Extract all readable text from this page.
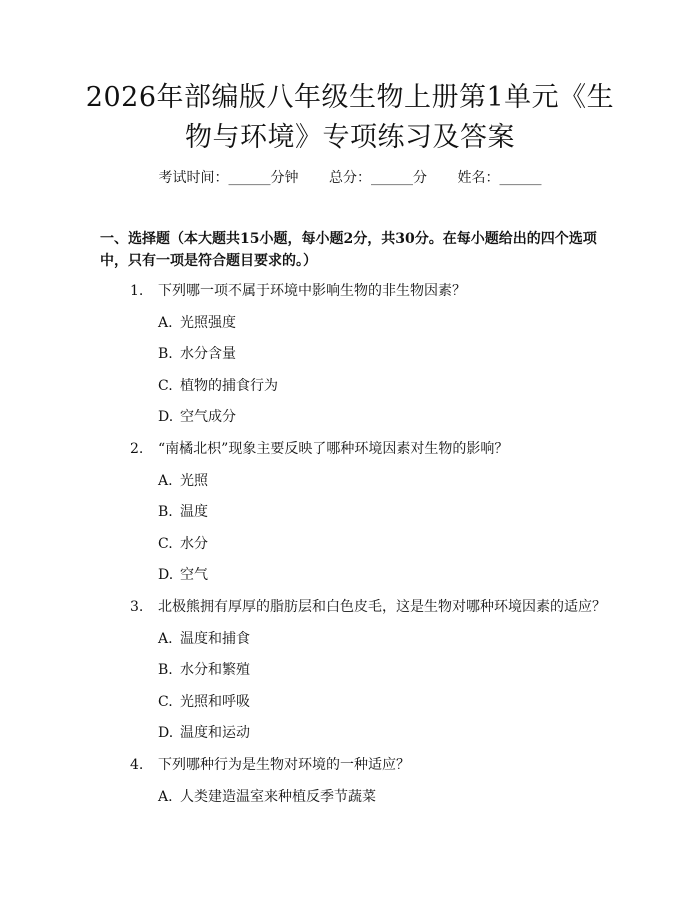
2026年部编版八年级生物上册第1单元《生
物与环境》专项练习及答案
考试时间：______分钟 总分：______分 姓名：______
一、选择题（本大题共15小题，每小题2分，共30分。在每小题给出的四个选项中，只有一项是符合题目要求的。）
1. 下列哪一项不属于环境中影响生物的非生物因素？
A. 光照强度
B. 水分含量
C. 植物的捕食行为
D. 空气成分
2. “南橘北枳”现象主要反映了哪种环境因素对生物的影响？
A. 光照
B. 温度
C. 水分
D. 空气
3. 北极熊拥有厚厚的脂肪层和白色皮毛，这是生物对哪种环境因素的适应？
A. 温度和捕食
B. 水分和繁殖
C. 光照和呼吸
D. 温度和运动
4. 下列哪种行为是生物对环境的一种适应？
A. 人类建造温室来种植反季节蔬菜
